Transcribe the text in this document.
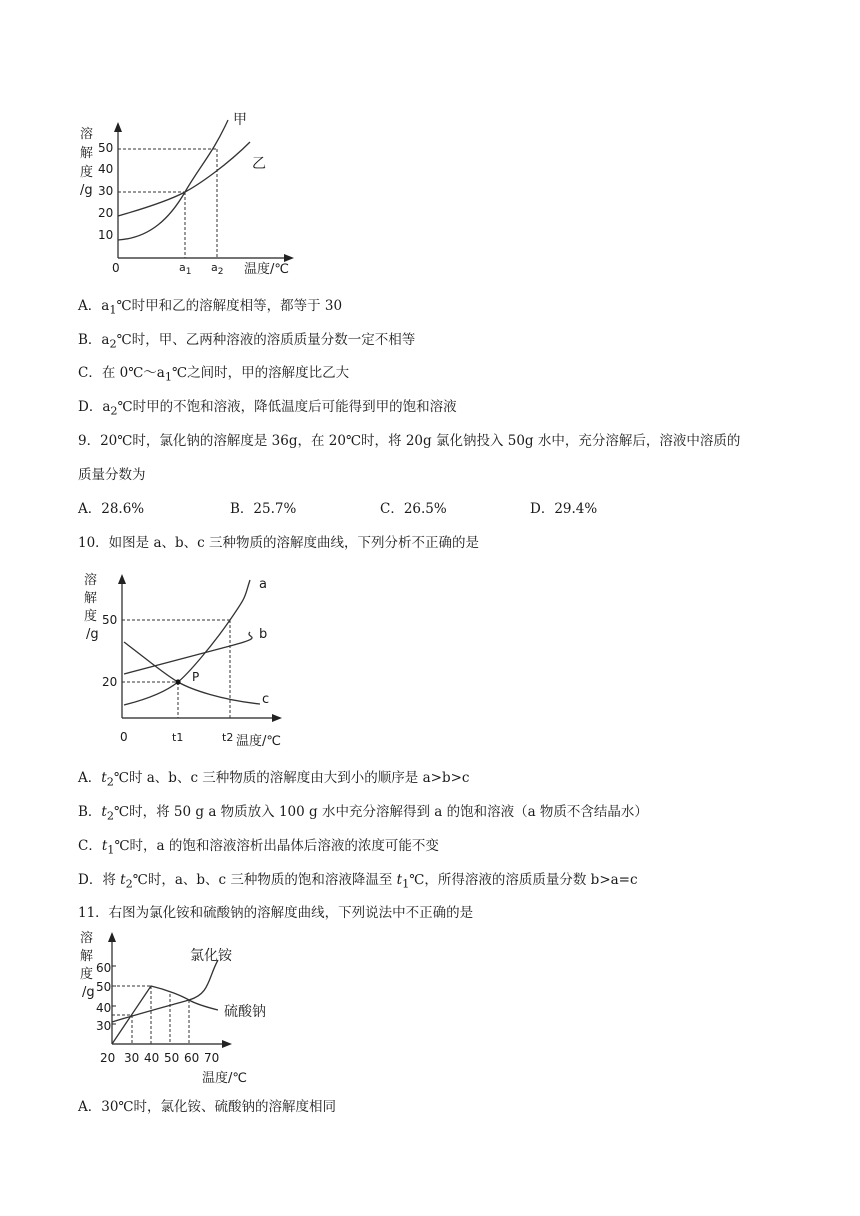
溶
解
度
/g
10
20
30
40
50
0
甲
乙
$a_1$ $a_2$ 温度/℃
A．$a_1℃$时甲和乙的溶解度相等，都等于 30
B．$a_2℃$时，甲、乙两种溶液的溶质质量分数一定不相等
C．在 $0℃\sim a_1℃$之间时，甲的溶解度比乙大
D．$a_2℃$时甲的不饱和溶液，降低温度后可能得到甲的饱和溶液
9．20℃时，氯化钠的溶解度是 36g，在 20℃时，将 20g 氯化钠投入 50g 水中，充分溶解后，溶液中溶质的
质量分数为
A．28.6%	B．25.7%	C．26.5%	D．29.4%
10．如图是 a、b、c 三种物质的溶解度曲线，下列分析不正确的是
溶
解
度
/g
20
50
0
P
a
b
c
t1	t2 温度/℃
A．$t_2℃$时 a、b、c 三种物质的溶解度由大到小的顺序是 a>b>c
B．$t_2℃$时，将 50 g a 物质放入 100 g 水中充分溶解得到 a 的饱和溶液（a 物质不含结晶水）
C．$t_1℃$时，a 的饱和溶液溶析出晶体后溶液的浓度可能不变
D．将 $t_2℃$时，a、b、c 三种物质的饱和溶液降温至 $t_1℃$，所得溶液的溶质质量分数 b>a=c
11．右图为氯化铵和硫酸钠的溶解度曲线，下列说法中不正确的是
溶
解
度
/g
30
40
50
60
氯化铵
硫酸钠
20 30 40 50 60 70
温度/℃
A．30℃时，氯化铵、硫酸钠的溶解度相同
